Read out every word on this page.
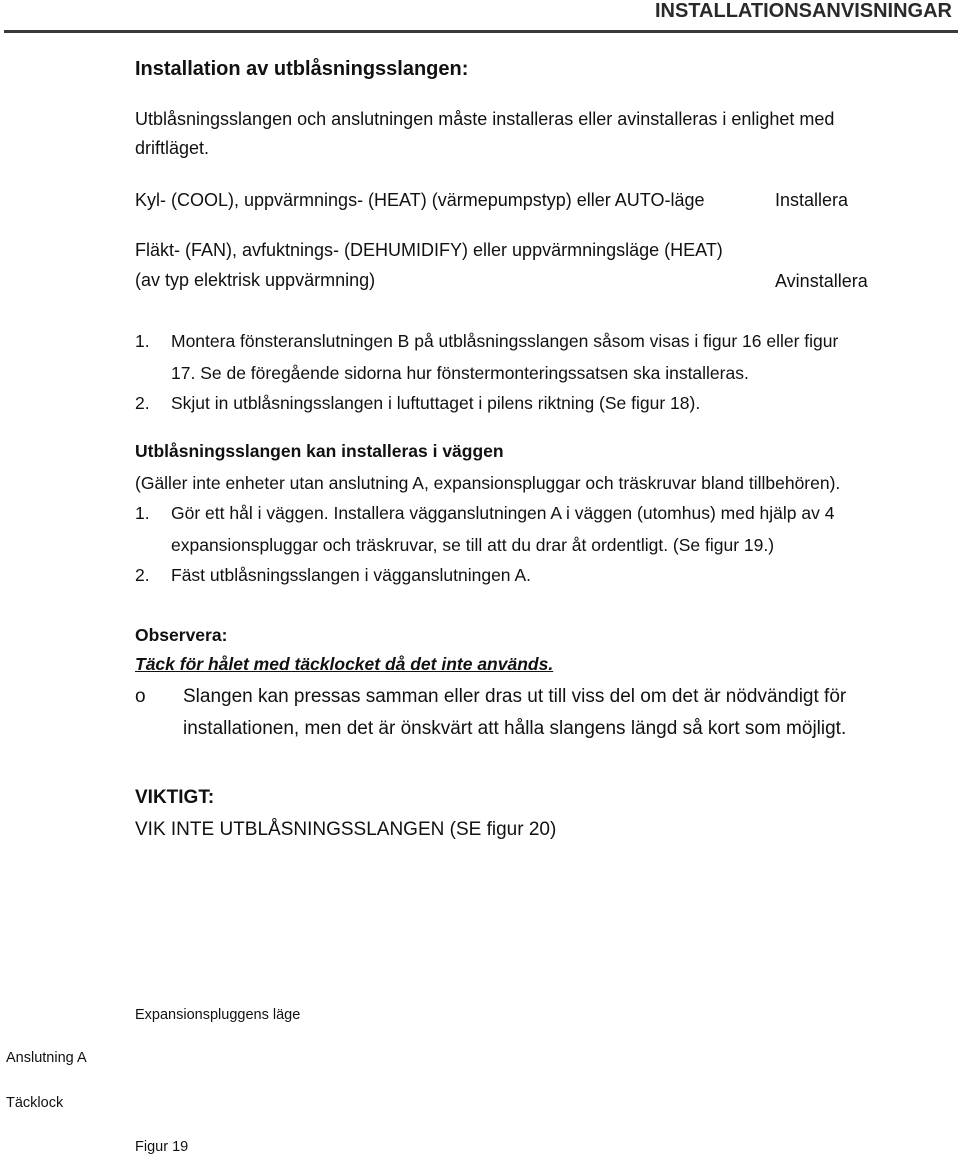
INSTALLATIONSANVISNINGAR
Installation av utblåsningsslangen:
Utblåsningsslangen och anslutningen måste installeras eller avinstalleras i enlighet med
driftläget.
Kyl- (COOL), uppvärmnings- (HEAT) (värmepumpstyp) eller AUTO-läge	Installera
Fläkt- (FAN), avfuktnings- (DEHUMIDIFY) eller uppvärmningsläge (HEAT)
(av typ elektrisk uppvärmning)	Avinstallera
1. Montera fönsteranslutningen B på utblåsningsslangen såsom visas i figur 16 eller figur
17. Se de föregående sidorna hur fönstermonteringssatsen ska installeras.
2. Skjut in utblåsningsslangen i luftuttaget i pilens riktning (Se figur 18).
Utblåsningsslangen kan installeras i väggen
(Gäller inte enheter utan anslutning A, expansionspluggar och träskruvar bland tillbehören).
1. Gör ett hål i väggen. Installera vägganslutningen A i väggen (utomhus) med hjälp av 4
expansionspluggar och träskruvar, se till att du drar åt ordentligt. (Se figur 19.)
2. Fäst utblåsningsslangen i vägganslutningen A.
Observera:
Täck för hålet med täcklocket då det inte används.
o Slangen kan pressas samman eller dras ut till viss del om det är nödvändigt för
installationen, men det är önskvärt att hålla slangens längd så kort som möjligt.
VIKTIGT:
VIK INTE UTBLÅSNINGSSLANGEN (SE figur 20)
Expansionspluggens läge
Anslutning A
Täcklock
Figur 19
